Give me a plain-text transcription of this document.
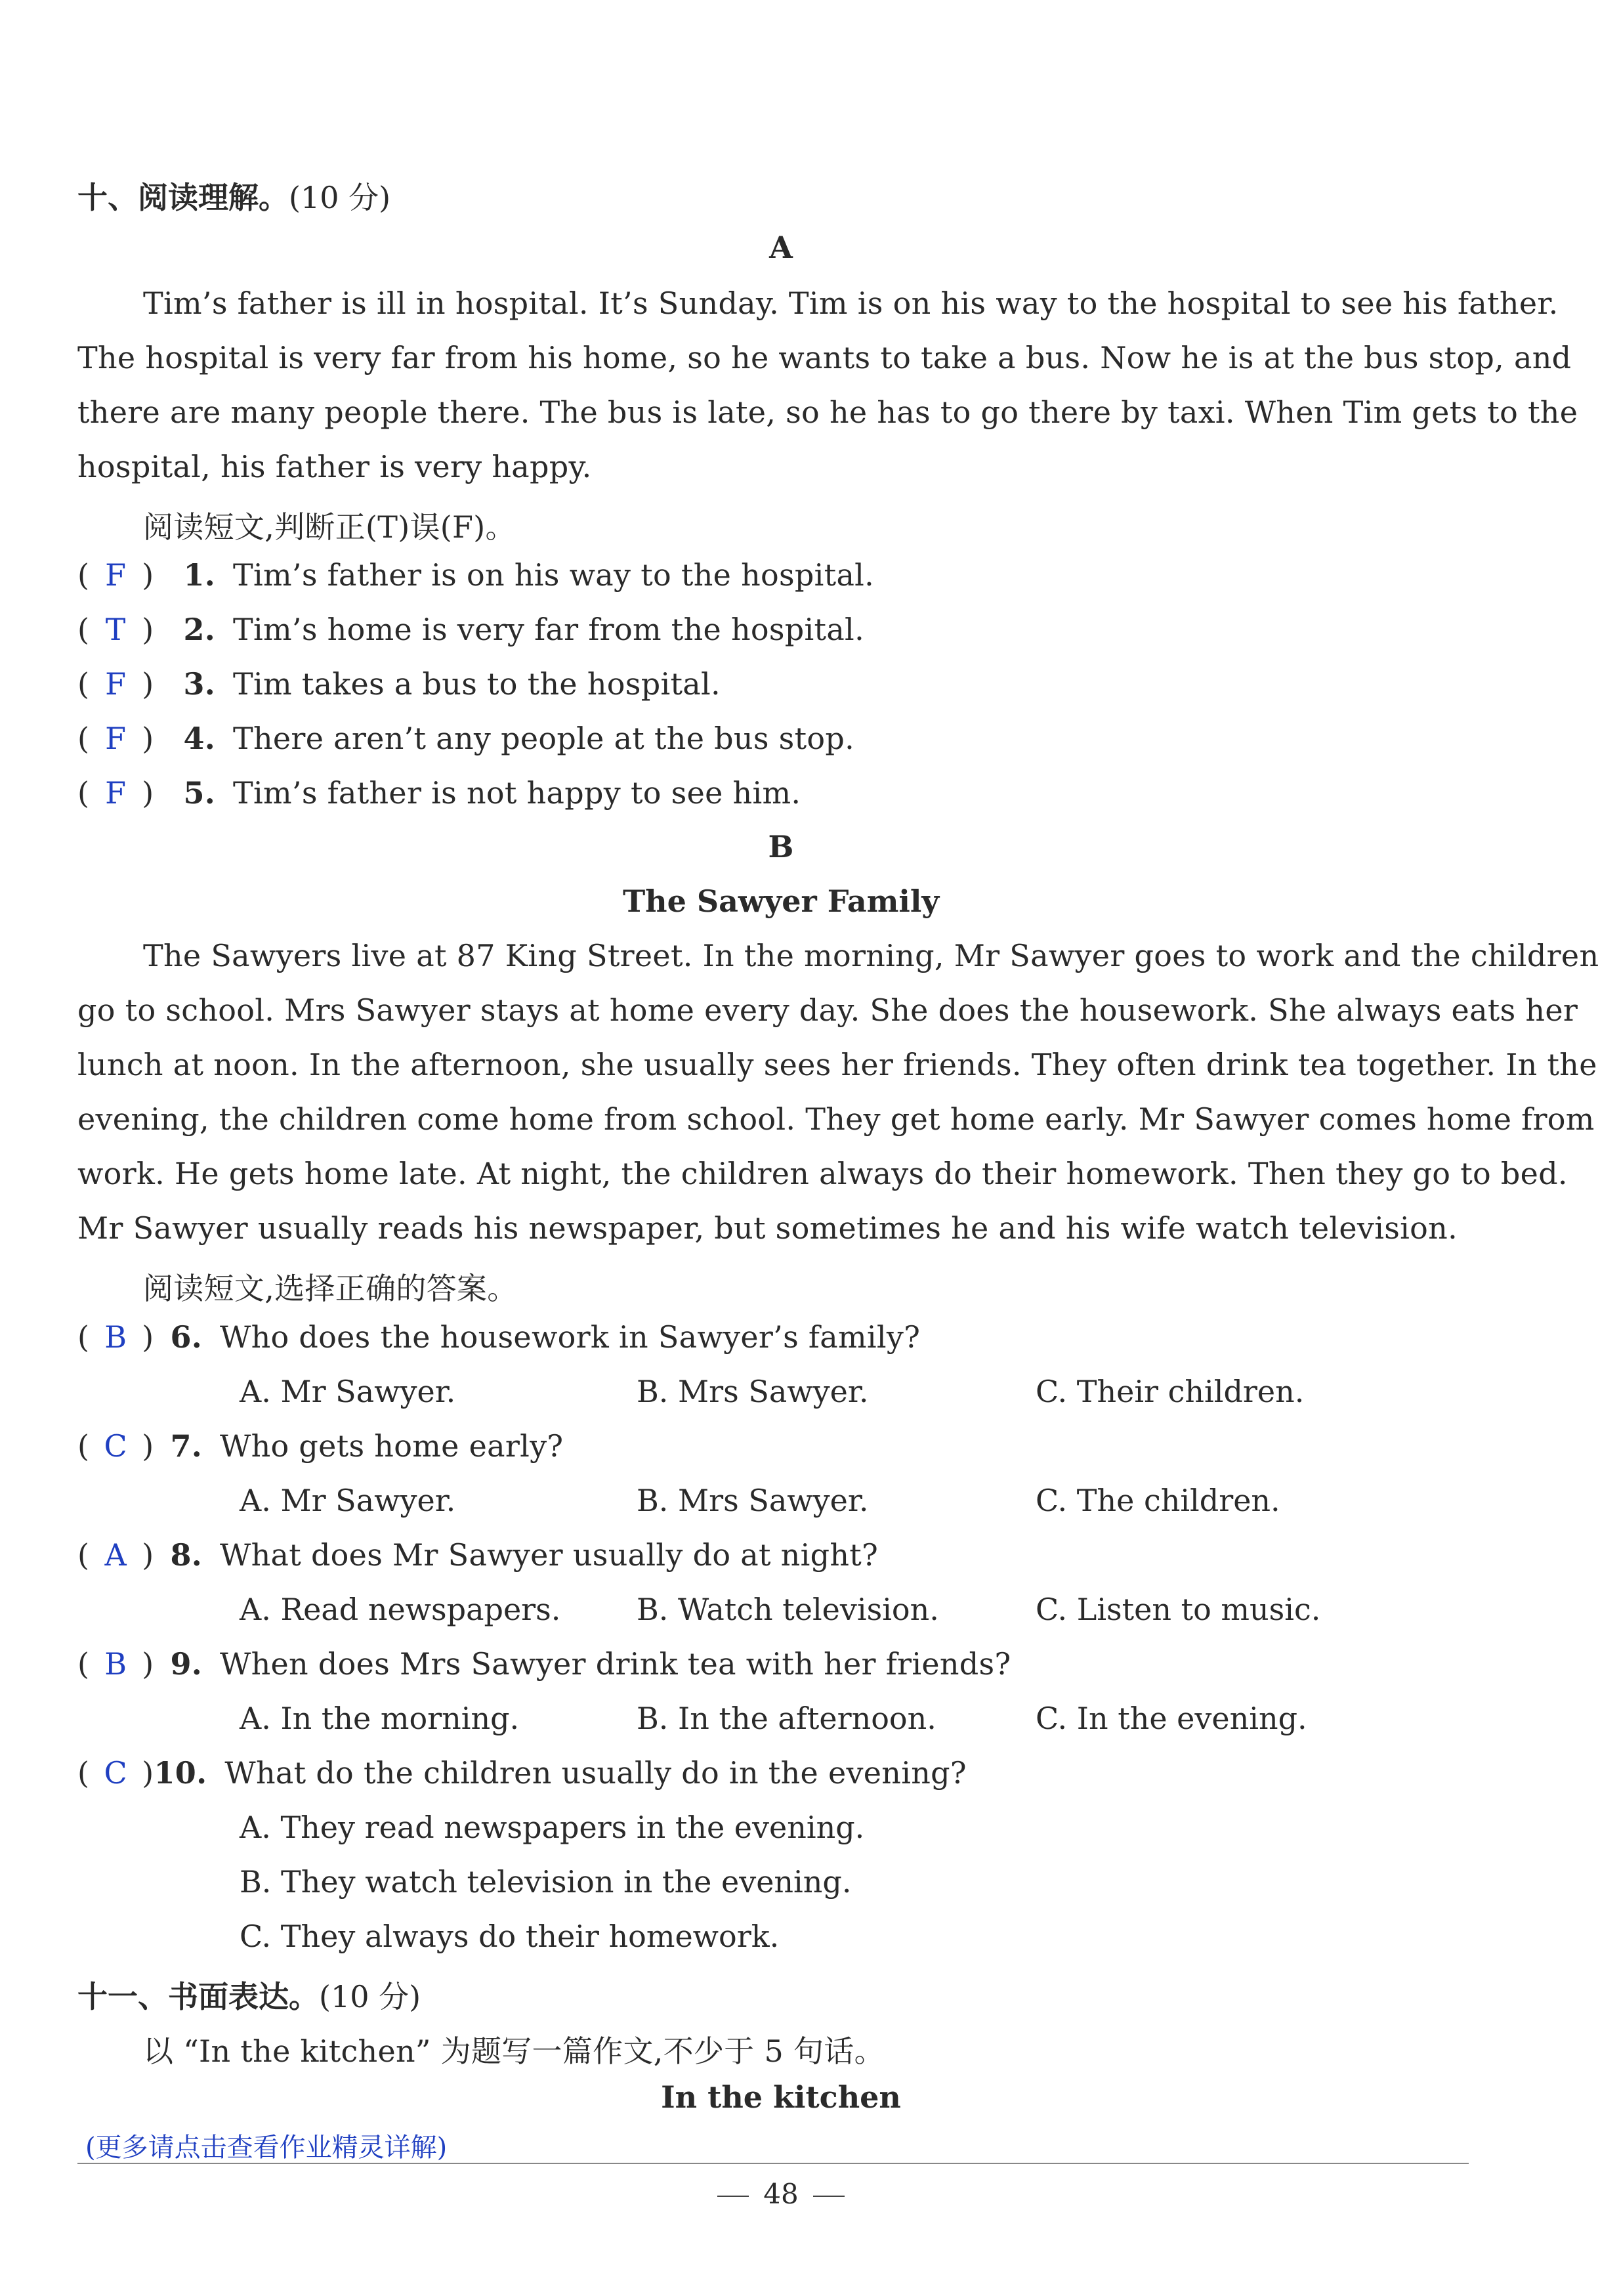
十、阅读理解。(10 分)
A
Tim’s father is ill in hospital. It’s Sunday. Tim is on his way to the hospital to see his father.
The hospital is very far from his home, so he wants to take a bus. Now he is at the bus stop, and
there are many people there. The bus is late, so he has to go there by taxi. When Tim gets to the
hospital, his father is very happy.
阅读短文,判断正(T)误(F)。
( F ) 1. Tim’s father is on his way to the hospital.
( T ) 2. Tim’s home is very far from the hospital.
( F ) 3. Tim takes a bus to the hospital.
( F ) 4. There aren’t any people at the bus stop.
( F ) 5. Tim’s father is not happy to see him.
B
The Sawyer Family
The Sawyers live at 87 King Street. In the morning, Mr Sawyer goes to work and the children
go to school. Mrs Sawyer stays at home every day. She does the housework. She always eats her
lunch at noon. In the afternoon, she usually sees her friends. They often drink tea together. In the
evening, the children come home from school. They get home early. Mr Sawyer comes home from
work. He gets home late. At night, the children always do their homework. Then they go to bed.
Mr Sawyer usually reads his newspaper, but sometimes he and his wife watch television.
阅读短文,选择正确的答案。
( B ) 6. Who does the housework in Sawyer’s family?
A. Mr Sawyer.	B. Mrs Sawyer.	C. Their children.
( C ) 7. Who gets home early?
A. Mr Sawyer.	B. Mrs Sawyer.	C. The children.
( A ) 8. What does Mr Sawyer usually do at night?
A. Read newspapers.	B. Watch television.	C. Listen to music.
( B ) 9. When does Mrs Sawyer drink tea with her friends?
A. In the morning.	B. In the afternoon.	C. In the evening.
( C )10. What do the children usually do in the evening?
A. They read newspapers in the evening.
B. They watch television in the evening.
C. They always do their homework.
十一、书面表达。(10 分)
以 “In the kitchen” 为题写一篇作文,不少于 5 句话。
In the kitchen
(更多请点击查看作业精灵详解)
48
